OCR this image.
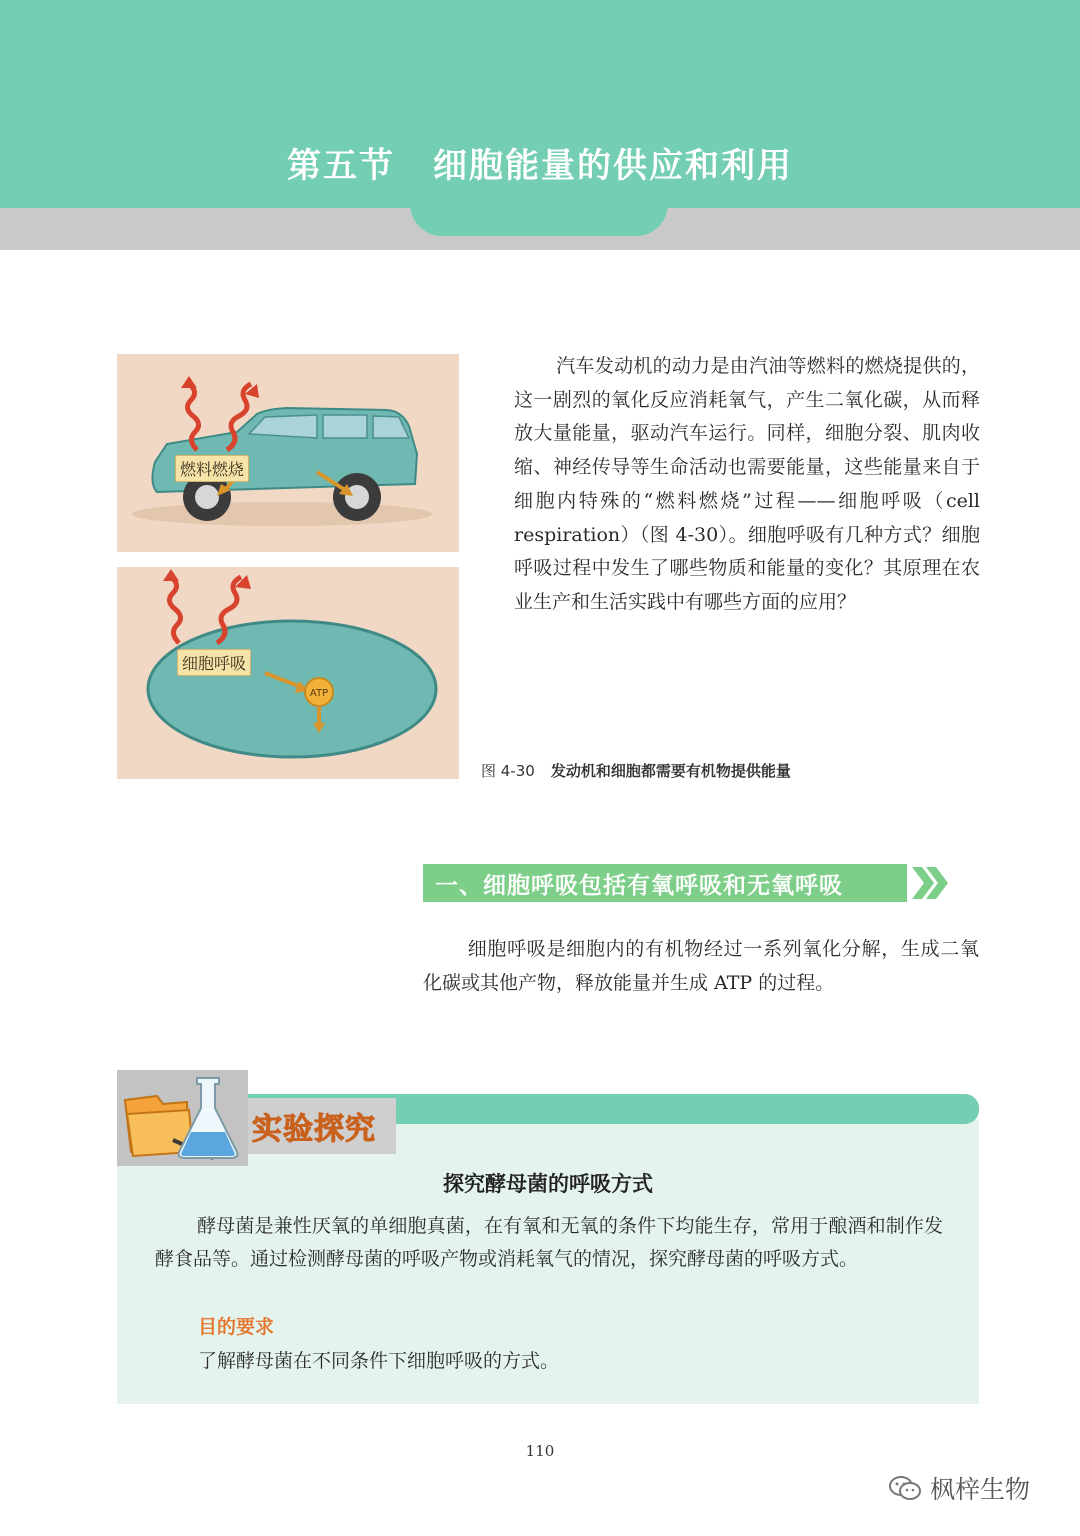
第五节 细胞能量的供应和利用
燃料燃烧
ATP
细胞呼吸
汽车发动机的动力是由汽油等燃料的燃烧提供的，这一剧烈的氧化反应消耗氧气，产生二氧化碳，从而释放大量能量，驱动汽车运行。同样，细胞分裂、肌肉收缩、神经传导等生命活动也需要能量，这些能量来自于细胞内特殊的“燃料燃烧”过程——细胞呼吸（cell respiration）（图 4-30）。细胞呼吸有几种方式？细胞呼吸过程中发生了哪些物质和能量的变化？其原理在农业生产和生活实践中有哪些方面的应用？
图 4-30 发动机和细胞都需要有机物提供能量
一、细胞呼吸包括有氧呼吸和无氧呼吸
细胞呼吸是细胞内的有机物经过一系列氧化分解，生成二氧化碳或其他产物，释放能量并生成 ATP 的过程。
实验探究
探究酵母菌的呼吸方式
酵母菌是兼性厌氧的单细胞真菌，在有氧和无氧的条件下均能生存，常用于酿酒和制作发酵食品等。通过检测酵母菌的呼吸产物或消耗氧气的情况，探究酵母菌的呼吸方式。
目的要求
了解酵母菌在不同条件下细胞呼吸的方式。
110
枫梓生物
